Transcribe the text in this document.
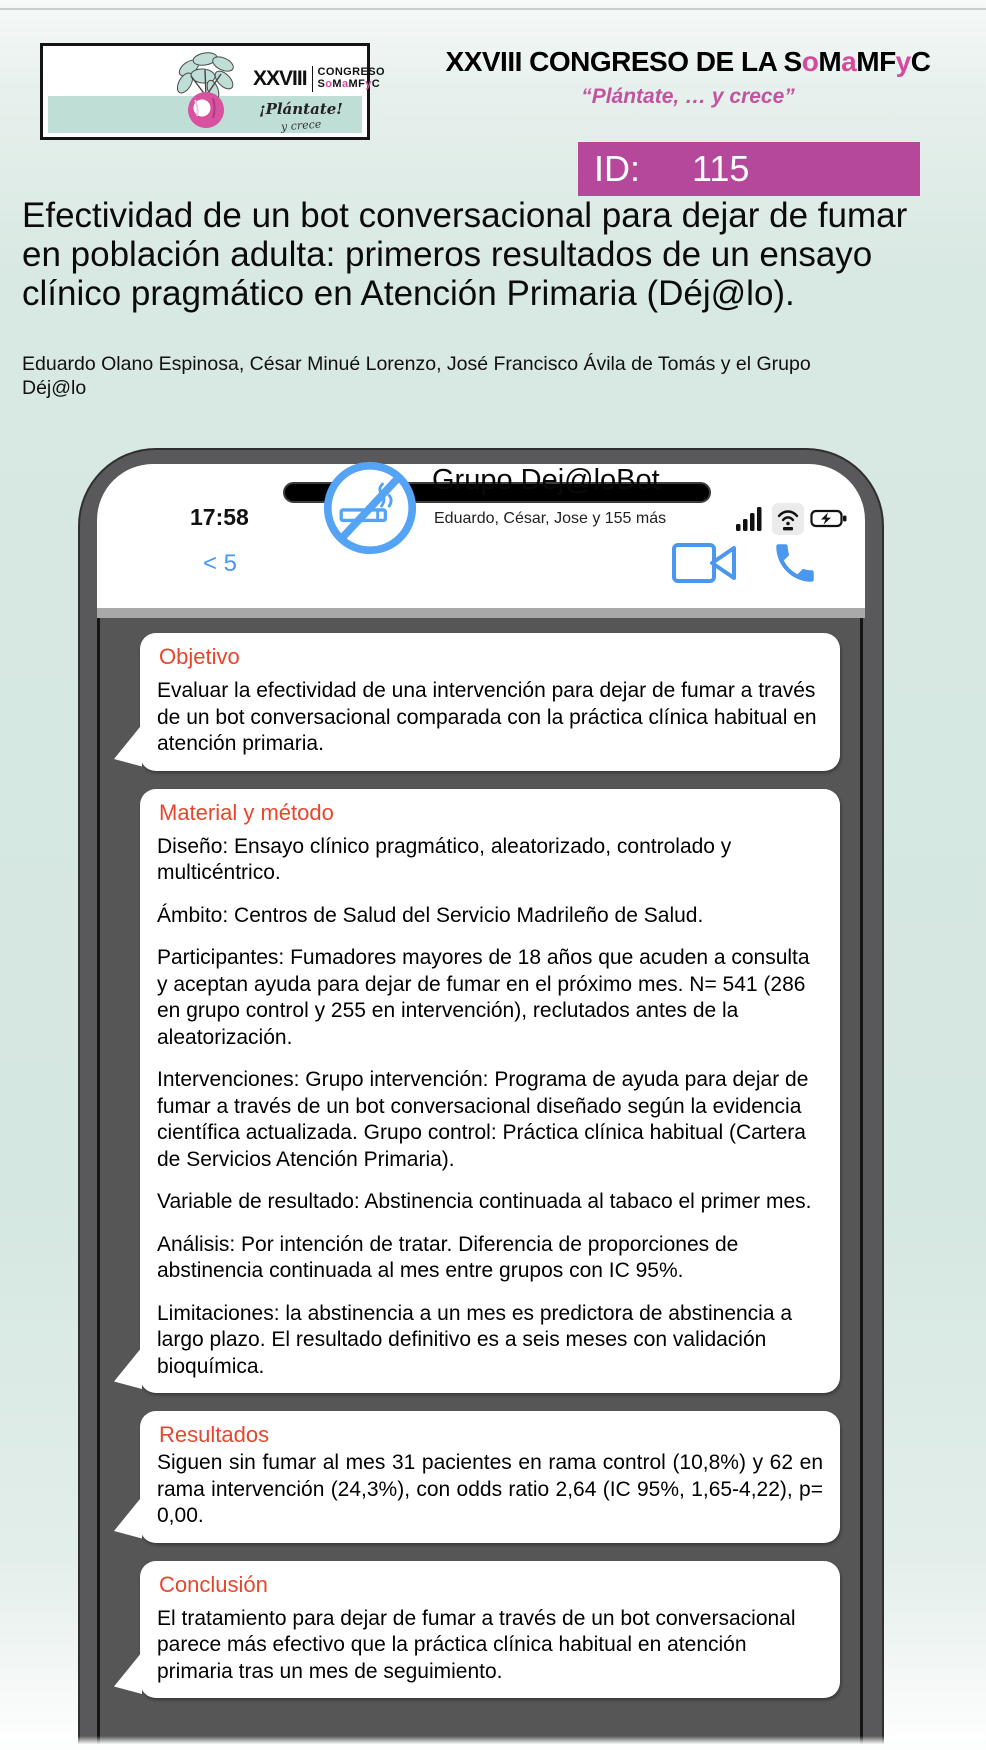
XXVIII CONGRESO
SoMaMFyC
¡Plántate!
y crece
XXVIII CONGRESO DE LA SoMaMFyC
“Plántate, … y crece”
ID: 115
Efectividad de un bot conversacional para dejar de fumar en población adulta: primeros resultados de un ensayo clínico pragmático en Atención Primaria (Déj@lo).
Eduardo Olano Espinosa, César Minué Lorenzo, José Francisco Ávila de Tomás y el Grupo Déj@lo
17:58
< 5
Grupo Dej@loBot
Eduardo, César, Jose y 155 más
Objetivo

Evaluar la efectividad de una intervención para dejar de fumar a través de un bot conversacional comparada con la práctica clínica habitual en atención primaria.

Material y método

Diseño: Ensayo clínico pragmático, aleatorizado, controlado y multicéntrico.

Ámbito: Centros de Salud del Servicio Madrileño de Salud.

Participantes: Fumadores mayores de 18 años que acuden a consulta y aceptan ayuda para dejar de fumar en el próximo mes. N= 541 (286 en grupo control y 255 en intervención), reclutados antes de la aleatorización.

Intervenciones: Grupo intervención: Programa de ayuda para dejar de fumar a través de un bot conversacional diseñado según la evidencia científica actualizada. Grupo control: Práctica clínica habitual (Cartera de Servicios Atención Primaria).

Variable de resultado: Abstinencia continuada al tabaco el primer mes.

Análisis: Por intención de tratar. Diferencia de proporciones de abstinencia continuada al mes entre grupos con IC 95%.

Limitaciones: la abstinencia a un mes es predictora de abstinencia a largo plazo. El resultado definitivo es a seis meses con validación bioquímica.

Resultados

Siguen sin fumar al mes 31 pacientes en rama control (10,8%) y 62 en rama intervención (24,3%), con odds ratio 2,64 (IC 95%, 1,65-4,22), p= 0,00.

Conclusión

El tratamiento para dejar de fumar a través de un bot conversacional parece más efectivo que la práctica clínica habitual en atención primaria tras un mes de seguimiento.
